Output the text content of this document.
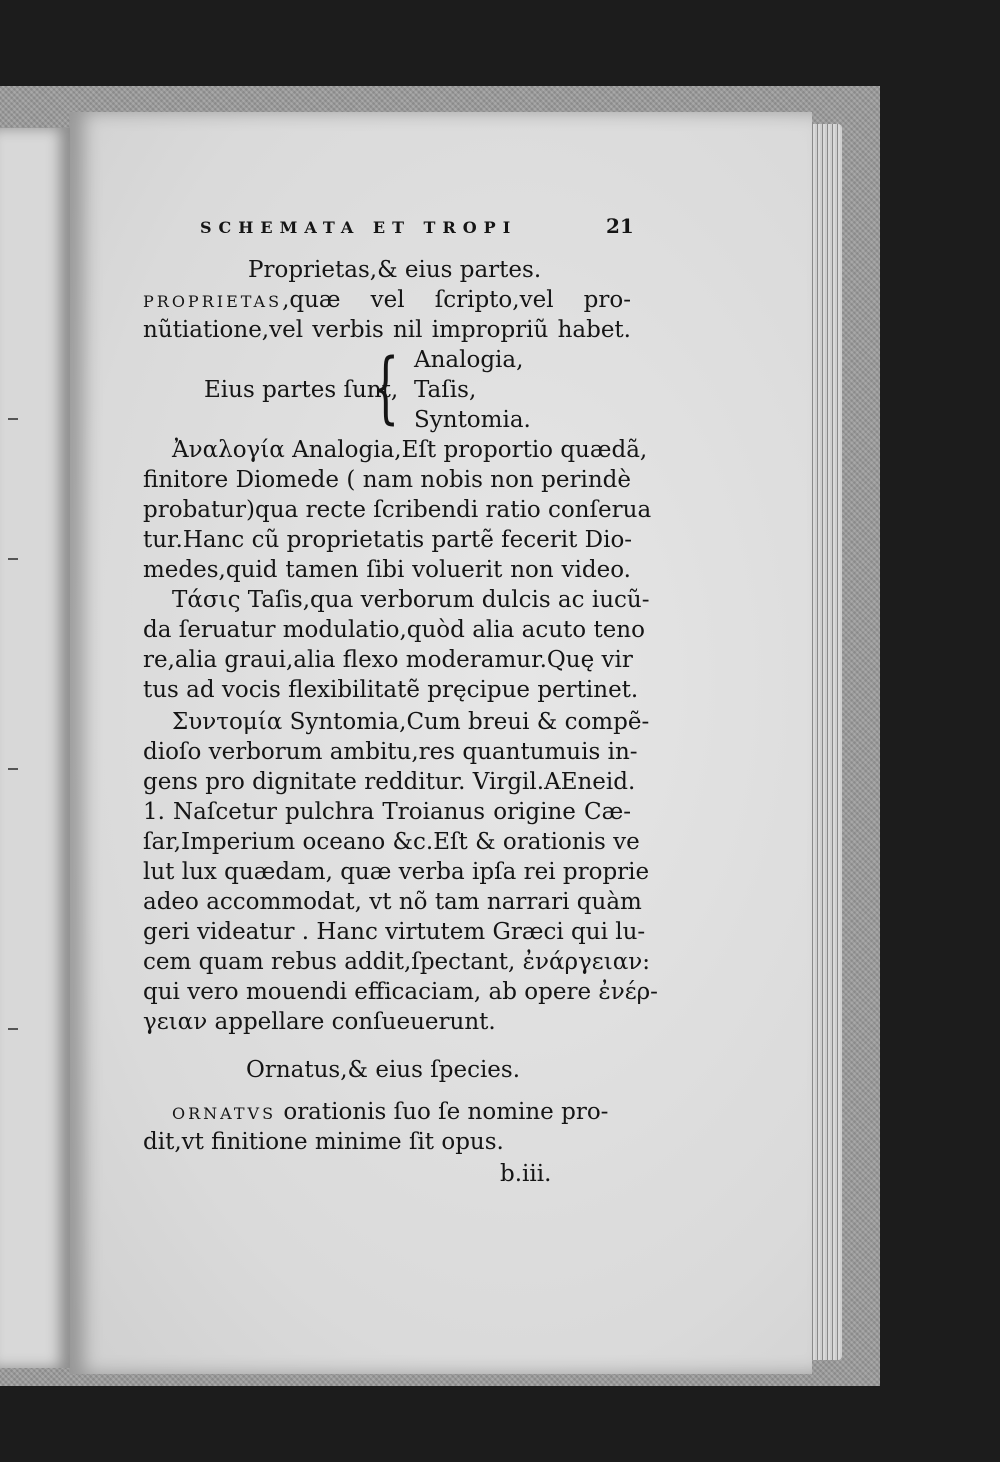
SCHEMATA ET TROPI	21
Proprietas,& eius partes.
PROPRIETAS,quæ vel ſcripto,vel pro-
nũtiatione,vel verbis nil impropriũ habet.
Eius partes ſunt,
{ Analogia,
Taſis,
Syntomia.
Ἀναλογία Analogia,Eſt proportio quædã,
finitore Diomede ( nam nobis non perindè
probatur)qua recte ſcribendi ratio conſerua
tur.Hanc cũ proprietatis partẽ fecerit Dio-
medes,quid tamen ſibi voluerit non video.
Τάσις Taſis,qua verborum dulcis ac iucũ-
da ſeruatur modulatio,quòd alia acuto teno
re,alia graui,alia flexo moderamur.Quę vir
tus ad vocis flexibilitatẽ pręcipue pertinet.
Συντομία Syntomia,Cum breui & compẽ-
dioſo verborum ambitu,res quantumuis in-
gens pro dignitate redditur. Virgil.AEneid.
1. Naſcetur pulchra Troianus origine Cæ-
ſar,Imperium oceano &c.Eſt & orationis ve
lut lux quædam, quæ verba ipſa rei proprie
adeo accommodat, vt nõ tam narrari quàm
geri videatur . Hanc virtutem Græci qui lu-
cem quam rebus addit,ſpectant, ἐνάργειαν:
qui vero mouendi efficaciam, ab opere ἐνέρ-
γειαν appellare conſueuerunt.
Ornatus,& eius ſpecies.
ORNATVS orationis ſuo ſe nomine pro-
dit,vt finitione minime ſit opus.
b.iii.
